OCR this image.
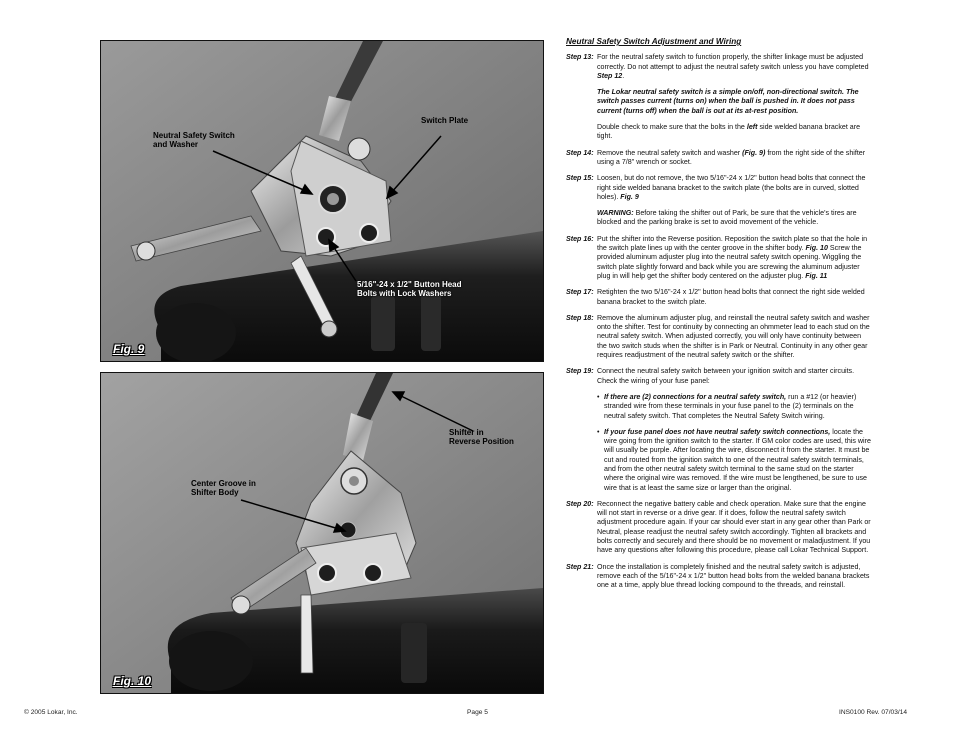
Neutral Safety Switch
and Washer
Switch Plate
5/16"-24 x 1/2" Button Head
Bolts with Lock Washers
Fig. 9
Shifter in
Reverse Position
Center Groove in
Shifter Body
Fig. 10
Neutral Safety Switch Adjustment and Wiring
Step 13: For the neutral safety switch to function properly, the shifter linkage must be adjusted correctly. Do not attempt to adjust the neutral safety switch unless you have completed Step 12.

The Lokar neutral safety switch is a simple on/off, non-directional switch. The switch passes current (turns on) when the ball is pushed in. It does not pass current (turns off) when the ball is out at its at-rest position.

Double check to make sure that the bolts in the left side welded banana bracket are tight.

Step 14: Remove the neutral safety switch and washer (Fig. 9) from the right side of the shifter using a 7/8" wrench or socket.

Step 15: Loosen, but do not remove, the two 5/16"-24 x 1/2" button head bolts that connect the right side welded banana bracket to the switch plate (the bolts are in curved, slotted holes). Fig. 9

WARNING: Before taking the shifter out of Park, be sure that the vehicle's tires are blocked and the parking brake is set to avoid movement of the vehicle.

Step 16: Put the shifter into the Reverse position. Reposition the switch plate so that the hole in the switch plate lines up with the center groove in the shifter body. Fig. 10 Screw the provided aluminum adjuster plug into the neutral safety switch opening. Wiggling the switch plate slightly forward and back while you are screwing the aluminum adjuster plug in will help get the shifter body centered on the adjuster plug. Fig. 11

Step 17: Retighten the two 5/16"-24 x 1/2" button head bolts that connect the right side welded banana bracket to the switch plate.

Step 18: Remove the aluminum adjuster plug, and reinstall the neutral safety switch and washer onto the shifter. Test for continuity by connecting an ohmmeter lead to each stud on the neutral safety switch. When adjusted correctly, you will only have continuity between the two switch studs when the shifter is in Park or Neutral. Continuity in any other gear requires readjustment of the neutral safety switch or the shifter.

Step 19: Connect the neutral safety switch between your ignition switch and starter circuits. Check the wiring of your fuse panel:

• If there are (2) connections for a neutral safety switch, run a #12 (or heavier) stranded wire from these terminals in your fuse panel to the (2) terminals on the neutral safety switch. That completes the Neutral Safety Switch wiring.
• If your fuse panel does not have neutral safety switch connections, locate the wire going from the ignition switch to the starter. If GM color codes are used, this wire will usually be purple. After locating the wire, disconnect it from the starter. It must be cut and routed from the ignition switch to one of the neutral safety switch terminals, and from the other neutral safety switch terminal to the same stud on the starter where the original wire was removed. If the wire must be lengthened, be sure to use wire that is at least the same size or larger than the original.
Step 20: Reconnect the negative battery cable and check operation. Make sure that the engine will not start in reverse or a drive gear. If it does, follow the neutral safety switch adjustment procedure again. If your car should ever start in any gear other than Park or Neutral, please readjust the neutral safety switch accordingly. Tighten all brackets and bolts correctly and securely and there should be no movement or maladjustment. If you have any questions after following this procedure, please call Lokar Technical Support.

Step 21: Once the installation is completely finished and the neutral safety switch is adjusted, remove each of the 5/16"-24 x 1/2" button head bolts from the welded banana brackets one at a time, apply blue thread locking compound to the threads, and reinstall.

© 2005 Lokar, Inc.	Page 5	INS0100 Rev. 07/03/14
